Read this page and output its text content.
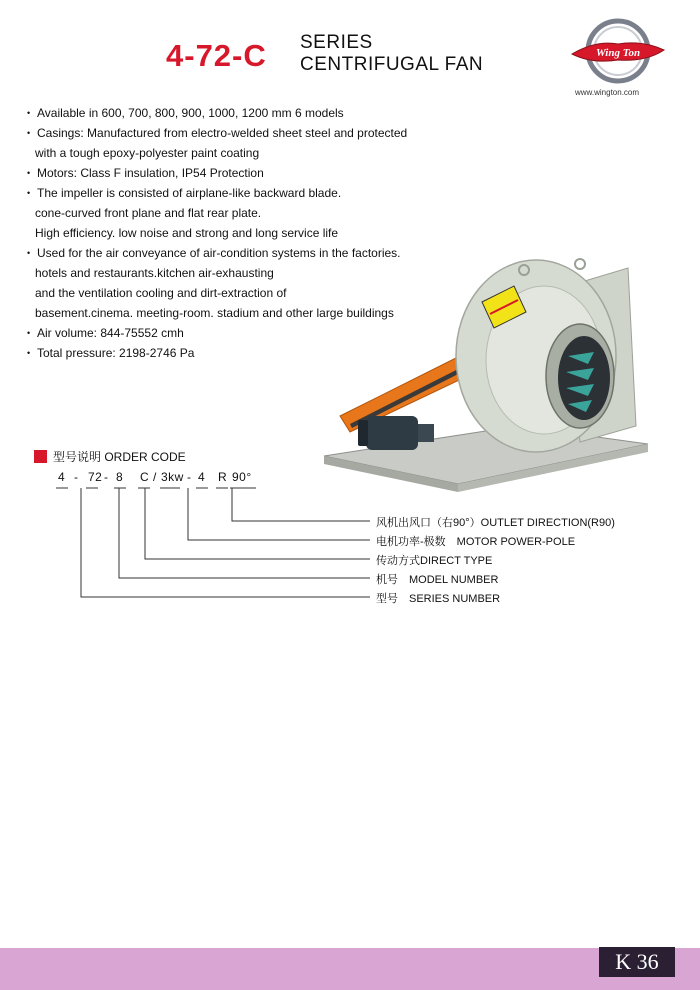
4-72-C SERIES
CENTRIFUGAL FAN
Wing Ton
www.wington.com
• Available in 600, 700, 800, 900, 1000, 1200 mm 6 models
• Casings: Manufactured from electro-welded sheet steel and protected
with a tough epoxy-polyester paint coating
• Motors: Class F insulation, IP54 Protection
• The impeller is consisted of airplane-like backward blade.
cone-curved front plane and flat rear plate.
High efficiency. low noise and strong and long service life
• Used for the air conveyance of air-condition systems in the factories.
hotels and restaurants.kitchen air-exhausting
and the ventilation cooling and dirt-extraction of
basement.cinema. meeting-room. stadium and other large buildings
• Air volume: 844-75552 cmh
• Total pressure: 2198-2746 Pa
型号说明 ORDER CODE
4 - 72 - 8 C / 3kw - 4 R 90°
风机出风口（右90°）OUTLET DIRECTION(R90)
电机功率-极数　MOTOR POWER-POLE
传动方式DIRECT TYPE
机号　MODEL NUMBER
型号　SERIES NUMBER
K 36
